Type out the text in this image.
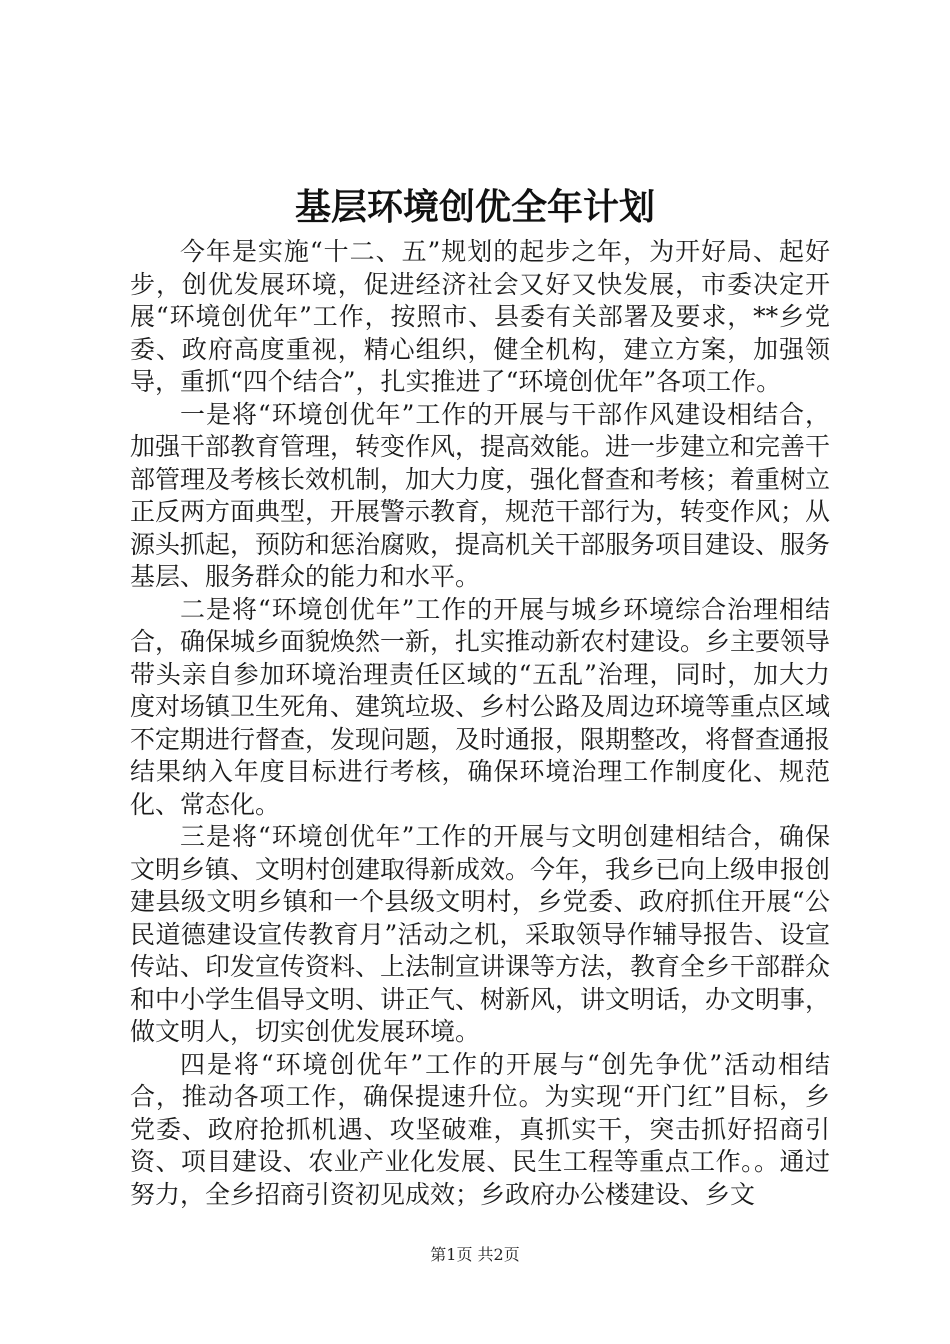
基层环境创优全年计划

今年是实施“十二、五”规划的起步之年，为开好局、起好步，创优发展环境，促进经济社会又好又快发展，市委决定开展“环境创优年”工作，按照市、县委有关部署及要求，**乡党委、政府高度重视，精心组织，健全机构，建立方案，加强领导，重抓“四个结合”，扎实推进了“环境创优年”各项工作。

一是将“环境创优年”工作的开展与干部作风建设相结合，加强干部教育管理，转变作风，提高效能。进一步建立和完善干部管理及考核长效机制，加大力度，强化督查和考核；着重树立正反两方面典型，开展警示教育，规范干部行为，转变作风；从源头抓起，预防和惩治腐败，提高机关干部服务项目建设、服务基层、服务群众的能力和水平。

二是将“环境创优年”工作的开展与城乡环境综合治理相结合，确保城乡面貌焕然一新，扎实推动新农村建设。乡主要领导带头亲自参加环境治理责任区域的“五乱”治理，同时，加大力度对场镇卫生死角、建筑垃圾、乡村公路及周边环境等重点区域不定期进行督查，发现问题，及时通报，限期整改，将督查通报结果纳入年度目标进行考核，确保环境治理工作制度化、规范化、常态化。

三是将“环境创优年”工作的开展与文明创建相结合，确保文明乡镇、文明村创建取得新成效。今年，我乡已向上级申报创建县级文明乡镇和一个县级文明村，乡党委、政府抓住开展“公民道德建设宣传教育月”活动之机，采取领导作辅导报告、设宣传站、印发宣传资料、上法制宣讲课等方法，教育全乡干部群众和中小学生倡导文明、讲正气、树新风，讲文明话，办文明事，做文明人，切实创优发展环境。

四是将“环境创优年”工作的开展与“创先争优”活动相结合，推动各项工作，确保提速升位。为实现“开门红”目标，乡党委、政府抢抓机遇、攻坚破难，真抓实干，突击抓好招商引资、项目建设、农业产业化发展、民生工程等重点工作。。通过努力，全乡招商引资初见成效；乡政府办公楼建设、乡文

第1页 共2页
